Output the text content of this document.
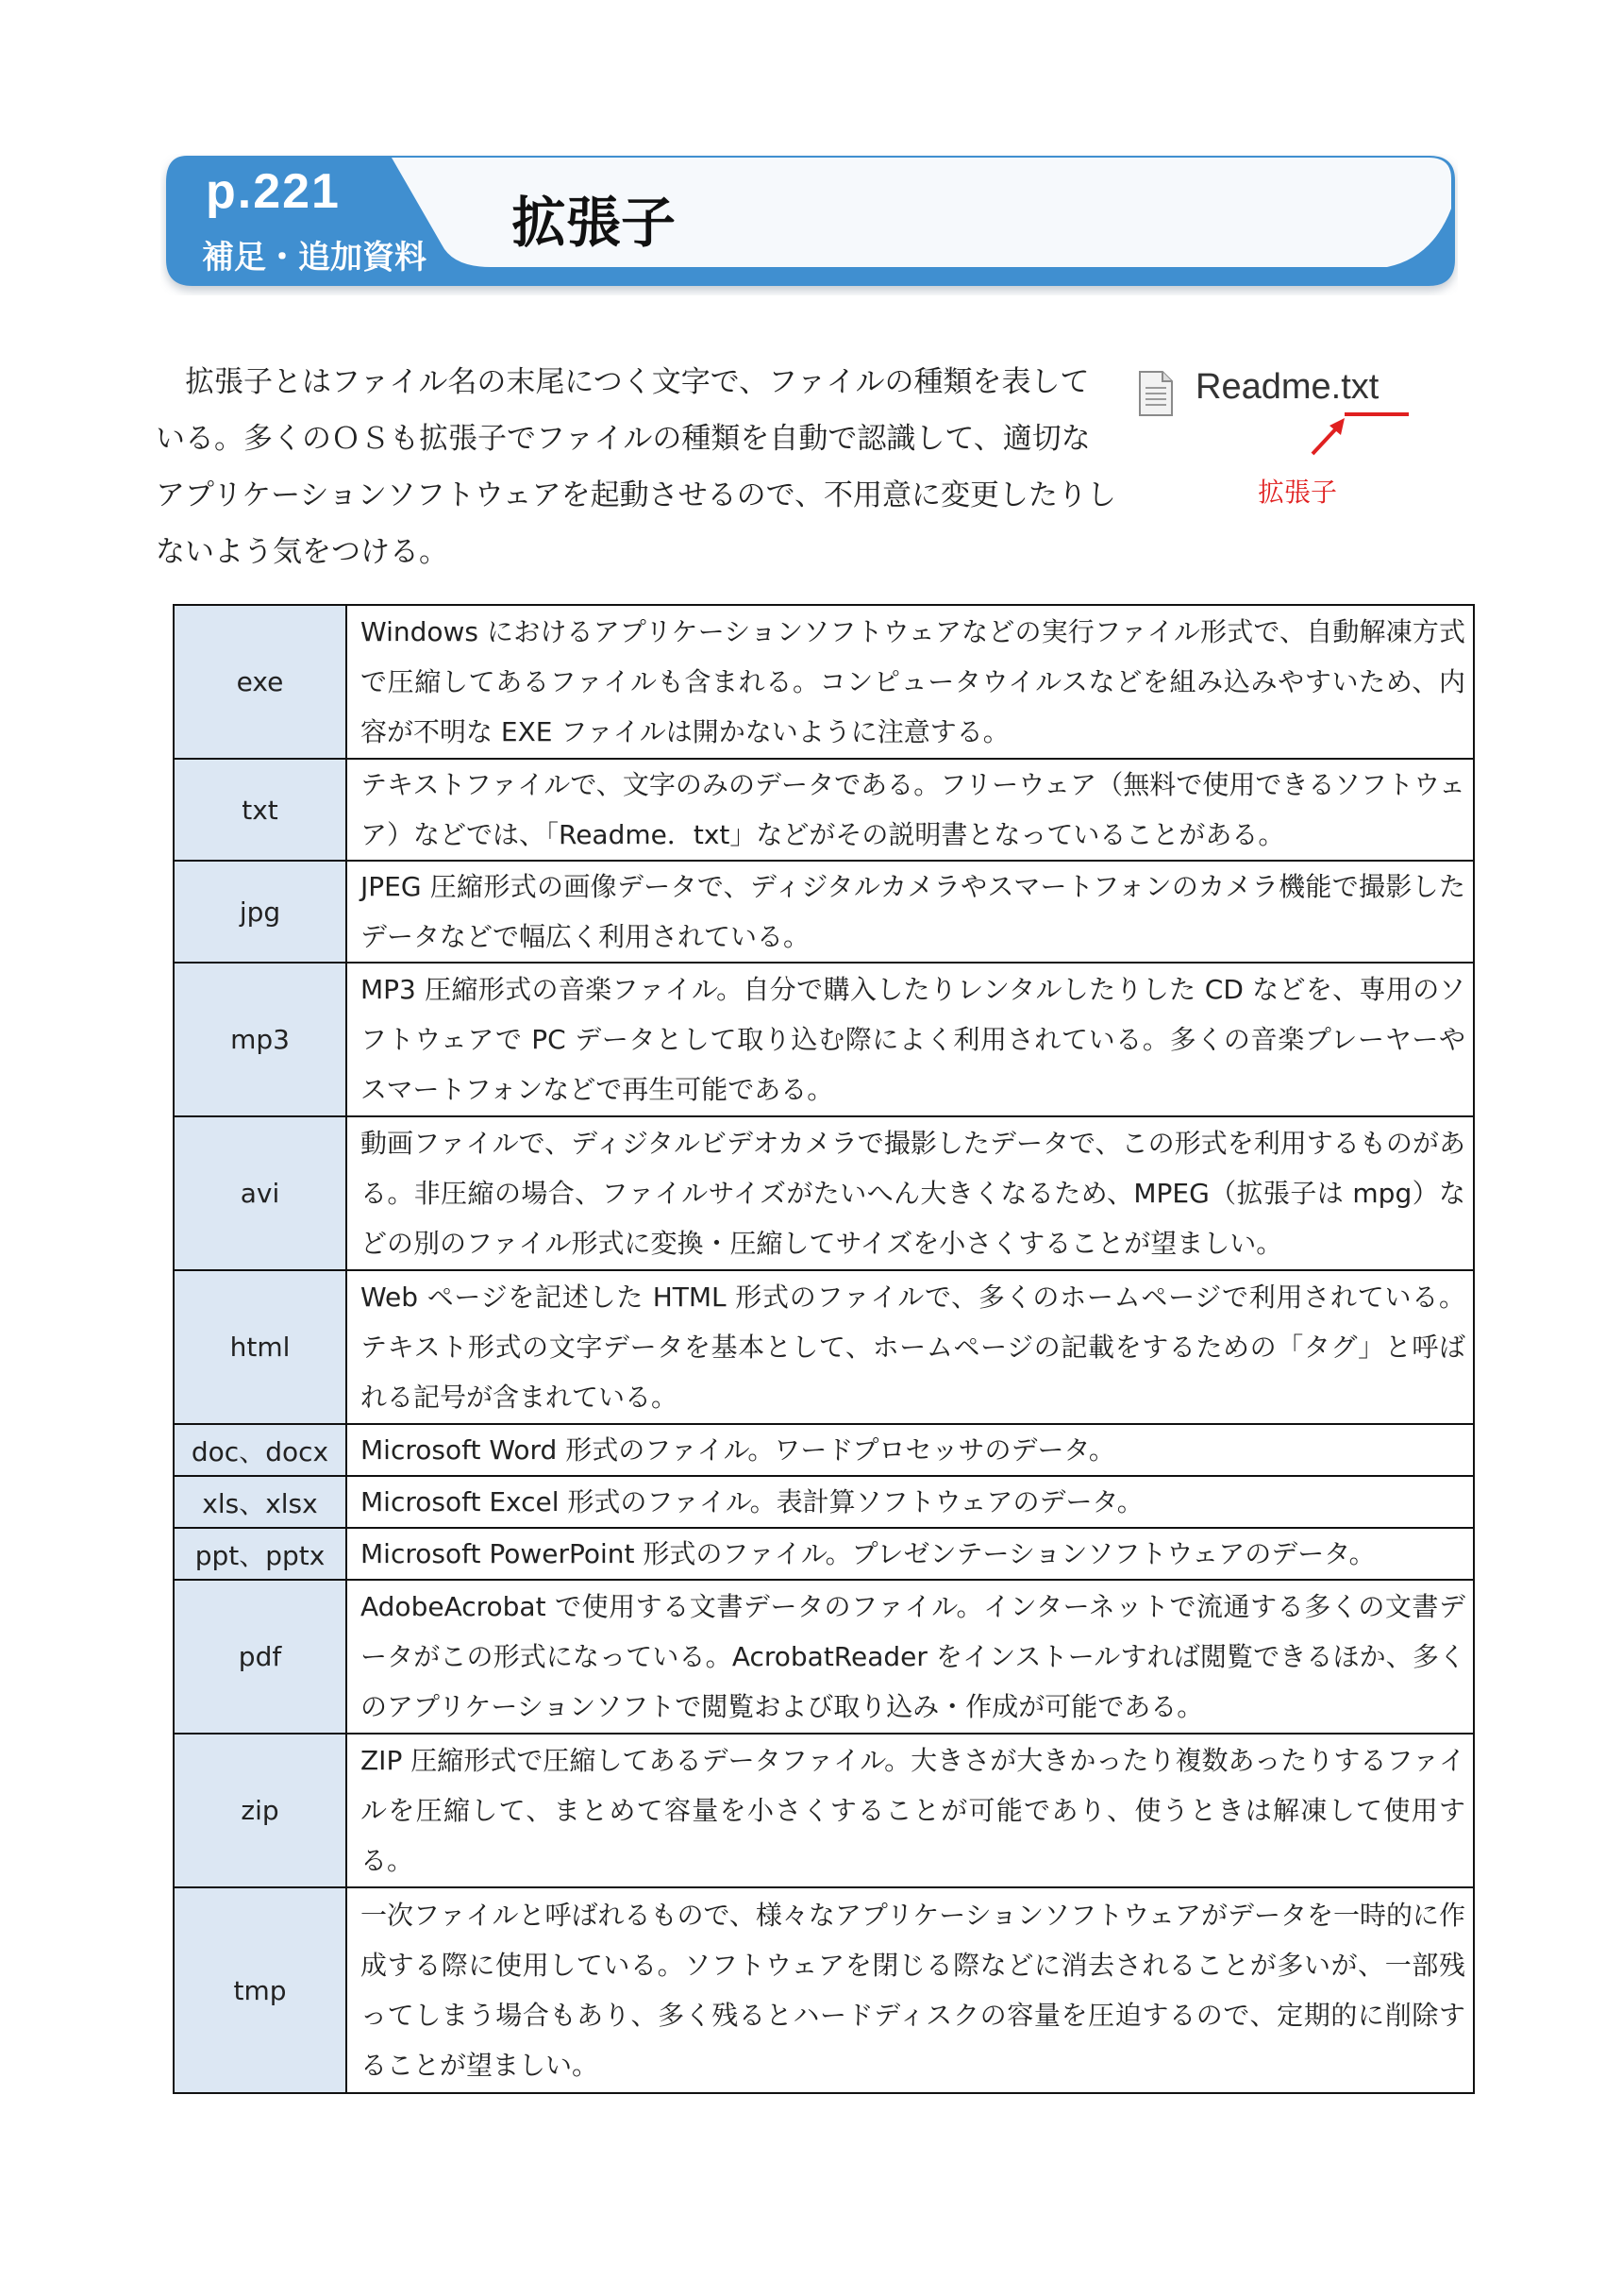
p.221
補足・追加資料
拡張子

拡張子とはファイル名の末尾につく文字で、ファイルの種類を表している。多くのＯＳも拡張子でファイルの種類を自動で認識して、適切なアプリケーションソフトウェアを起動させるので、不用意に変更したりしないよう気をつける。

Readme.txt
拡張子
exe	Windows におけるアプリケーションソフトウェアなどの実行ファイル形式で、自動解凍方式で圧縮してあるファイルも含まれる。コンピュータウイルスなどを組み込みやすいため、内容が不明な EXE ファイルは開かないように注意する。
txt	テキストファイルで、文字のみのデータである。フリーウェア（無料で使用できるソフトウェア）などでは、「Readme．txt」などがその説明書となっていることがある。
jpg	JPEG 圧縮形式の画像データで、ディジタルカメラやスマートフォンのカメラ機能で撮影したデータなどで幅広く利用されている。
mp3	MP3 圧縮形式の音楽ファイル。自分で購入したりレンタルしたりした CD などを、専用のソフトウェアで PC データとして取り込む際によく利用されている。多くの音楽プレーヤーやスマートフォンなどで再生可能である。
avi	動画ファイルで、ディジタルビデオカメラで撮影したデータで、この形式を利用するものがある。非圧縮の場合、ファイルサイズがたいへん大きくなるため、MPEG（拡張子は mpg）などの別のファイル形式に変換・圧縮してサイズを小さくすることが望ましい。
html	Web ページを記述した HTML 形式のファイルで、多くのホームページで利用されている。テキスト形式の文字データを基本として、ホームページの記載をするための「タグ」と呼ばれる記号が含まれている。
doc、docx	Microsoft Word 形式のファイル。ワードプロセッサのデータ。
xls、xlsx	Microsoft Excel 形式のファイル。表計算ソフトウェアのデータ。
ppt、pptx	Microsoft PowerPoint 形式のファイル。プレゼンテーションソフトウェアのデータ。
pdf	AdobeAcrobat で使用する文書データのファイル。インターネットで流通する多くの文書データがこの形式になっている。AcrobatReader をインストールすれば閲覧できるほか、多くのアプリケーションソフトで閲覧および取り込み・作成が可能である。
zip	ZIP 圧縮形式で圧縮してあるデータファイル。大きさが大きかったり複数あったりするファイルを圧縮して、まとめて容量を小さくすることが可能であり、使うときは解凍して使用する。
tmp	一次ファイルと呼ばれるもので、様々なアプリケーションソフトウェアがデータを一時的に作成する際に使用している。ソフトウェアを閉じる際などに消去されることが多いが、一部残ってしまう場合もあり、多く残るとハードディスクの容量を圧迫するので、定期的に削除することが望ましい。
